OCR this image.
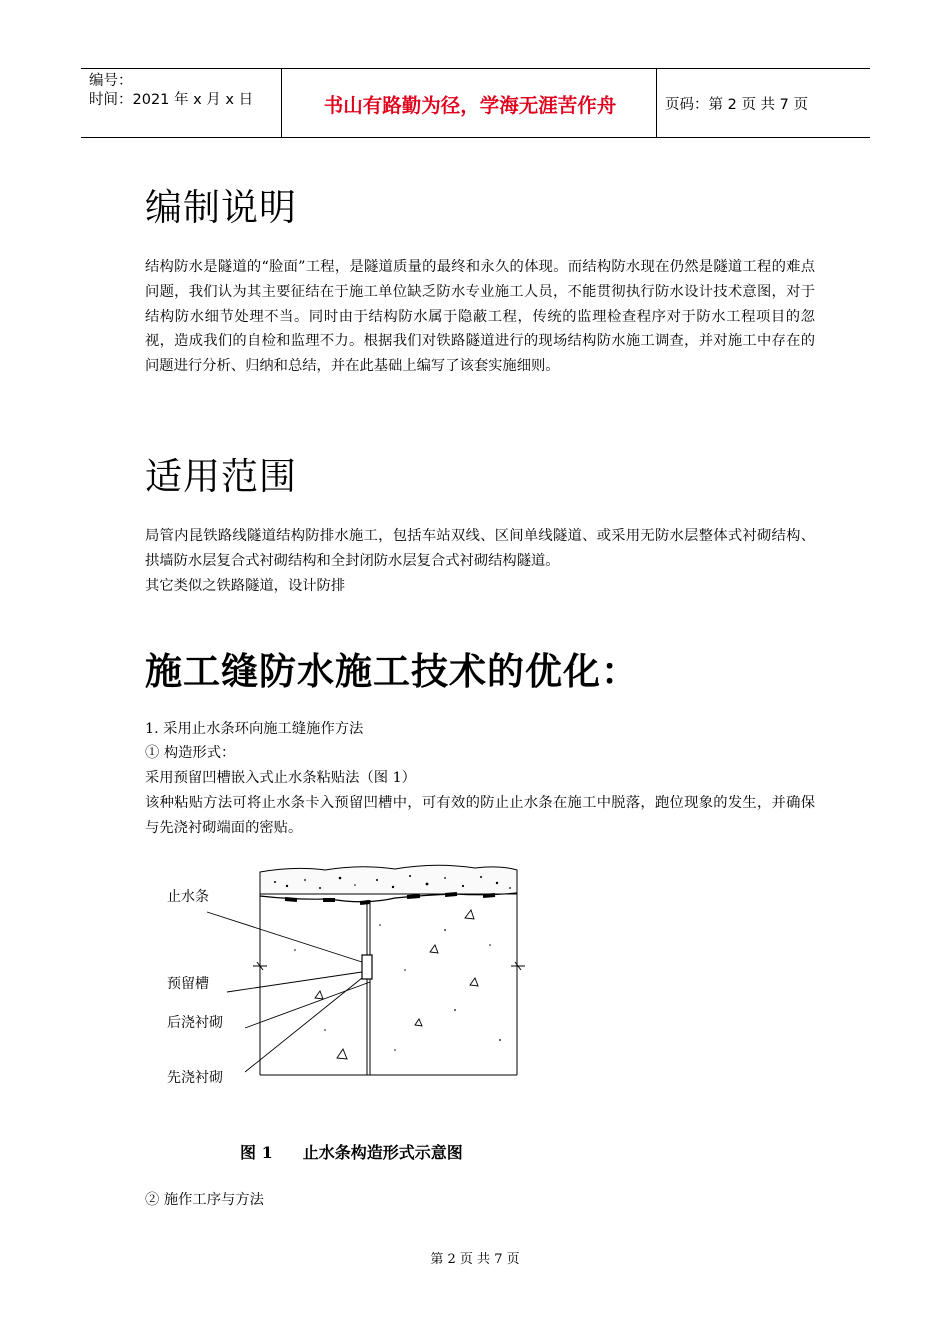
编号：
时间：2021 年 x 月 x 日	书山有路勤为径，学海无涯苦作舟	页码：第 2 页 共 7 页
编制说明

结构防水是隧道的“脸面”工程，是隧道质量的最终和永久的体现。而结构防水现在仍然是隧道工程的难点问题，我们认为其主要征结在于施工单位缺乏防水专业施工人员，不能贯彻执行防水设计技术意图，对于结构防水细节处理不当。同时由于结构防水属于隐蔽工程，传统的监理检查程序对于防水工程项目的忽视，造成我们的自检和监理不力。根据我们对铁路隧道进行的现场结构防水施工调查，并对施工中存在的问题进行分析、归纳和总结，并在此基础上编写了该套实施细则。

适用范围

局管内昆铁路线隧道结构防排水施工，包括车站双线、区间单线隧道、或采用无防水层整体式衬砌结构、拱墙防水层复合式衬砌结构和全封闭防水层复合式衬砌结构隧道。

其它类似之铁路隧道，设计防排

施工缝防水施工技术的优化：

1. 采用止水条环向施工缝施作方法

① 构造形式：

采用预留凹槽嵌入式止水条粘贴法（图 1）

该种粘贴方法可将止水条卡入预留凹槽中，可有效的防止止水条在施工中脱落，跑位现象的发生，并确保与先浇衬砌端面的密贴。

止水条
预留槽
后浇衬砌
先浇衬砌
图 1 止水条构造形式示意图

② 施作工序与方法

第 2 页 共 7 页
